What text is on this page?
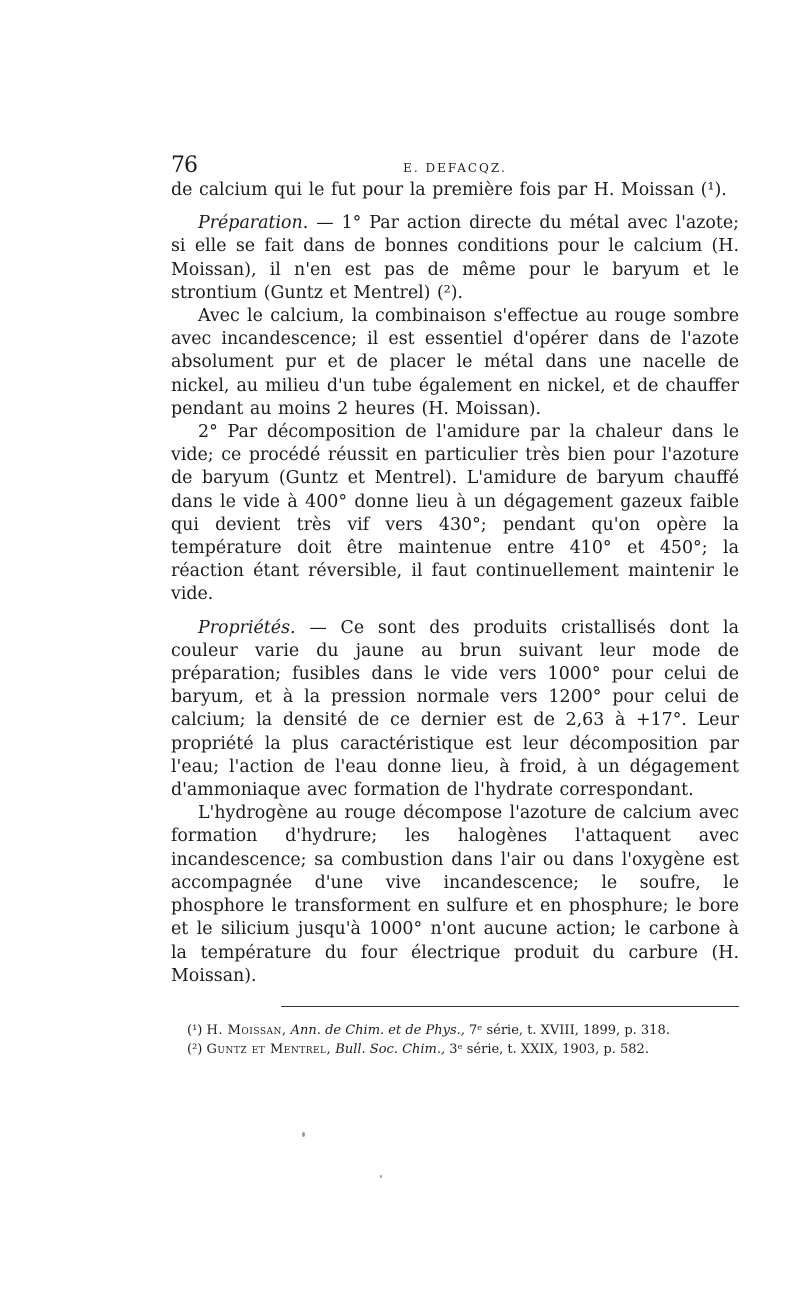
76	E. DEFACQZ.

de calcium qui le fut pour la première fois par H. Moissan (¹).

Préparation. — 1° Par action directe du métal avec l'azote; si elle se fait dans de bonnes conditions pour le calcium (H. Moissan), il n'en est pas de même pour le baryum et le strontium (Guntz et Mentrel) (²).

Avec le calcium, la combinaison s'effectue au rouge sombre avec incandescence; il est essentiel d'opérer dans de l'azote absolument pur et de placer le métal dans une nacelle de nickel, au milieu d'un tube également en nickel, et de chauffer pendant au moins 2 heures (H. Moissan).

2° Par décomposition de l'amidure par la chaleur dans le vide; ce procédé réussit en particulier très bien pour l'azoture de baryum (Guntz et Mentrel). L'amidure de baryum chauffé dans le vide à 400° donne lieu à un dégagement gazeux faible qui devient très vif vers 430°; pendant qu'on opère la température doit être maintenue entre 410° et 450°; la réaction étant réversible, il faut continuellement maintenir le vide.

Propriétés. — Ce sont des produits cristallisés dont la couleur varie du jaune au brun suivant leur mode de préparation; fusibles dans le vide vers 1000° pour celui de baryum, et à la pression normale vers 1200° pour celui de calcium; la densité de ce dernier est de 2,63 à +17°. Leur propriété la plus caractéristique est leur décomposition par l'eau; l'action de l'eau donne lieu, à froid, à un dégagement d'ammoniaque avec formation de l'hydrate correspondant.

L'hydrogène au rouge décompose l'azoture de calcium avec formation d'hydrure; les halogènes l'attaquent avec incandescence; sa combustion dans l'air ou dans l'oxygène est accompagnée d'une vive incandescence; le soufre, le phosphore le transforment en sulfure et en phosphure; le bore et le silicium jusqu'à 1000° n'ont aucune action; le carbone à la température du four électrique produit du carbure (H. Moissan).

(¹) H. Moissan, Ann. de Chim. et de Phys., 7ᵉ série, t. XVIII, 1899, p. 318.

(²) Guntz et Mentrel, Bull. Soc. Chim., 3ᵉ série, t. XXIX, 1903, p. 582.
